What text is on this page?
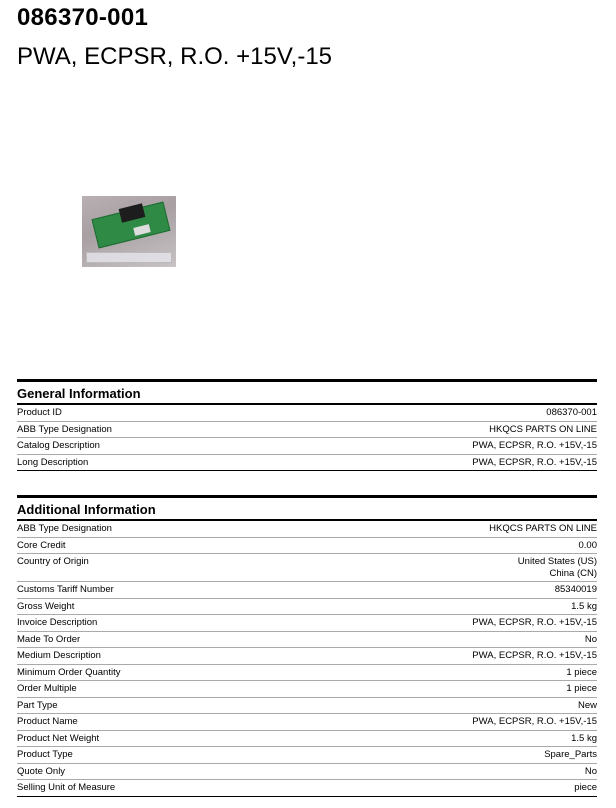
086370-001
PWA, ECPSR, R.O. +15V,-15
General Information
Product ID	086370-001
ABB Type Designation	HKQCS PARTS ON LINE
Catalog Description	PWA, ECPSR, R.O. +15V,-15
Long Description	PWA, ECPSR, R.O. +15V,-15
Additional Information
ABB Type Designation	HKQCS PARTS ON LINE
Core Credit	0.00
Country of Origin	United States (US)
China (CN)
Customs Tariff Number	85340019
Gross Weight	1.5 kg
Invoice Description	PWA, ECPSR, R.O. +15V,-15
Made To Order	No
Medium Description	PWA, ECPSR, R.O. +15V,-15
Minimum Order Quantity	1 piece
Order Multiple	1 piece
Part Type	New
Product Name	PWA, ECPSR, R.O. +15V,-15
Product Net Weight	1.5 kg
Product Type	Spare_Parts
Quote Only	No
Selling Unit of Measure	piece
